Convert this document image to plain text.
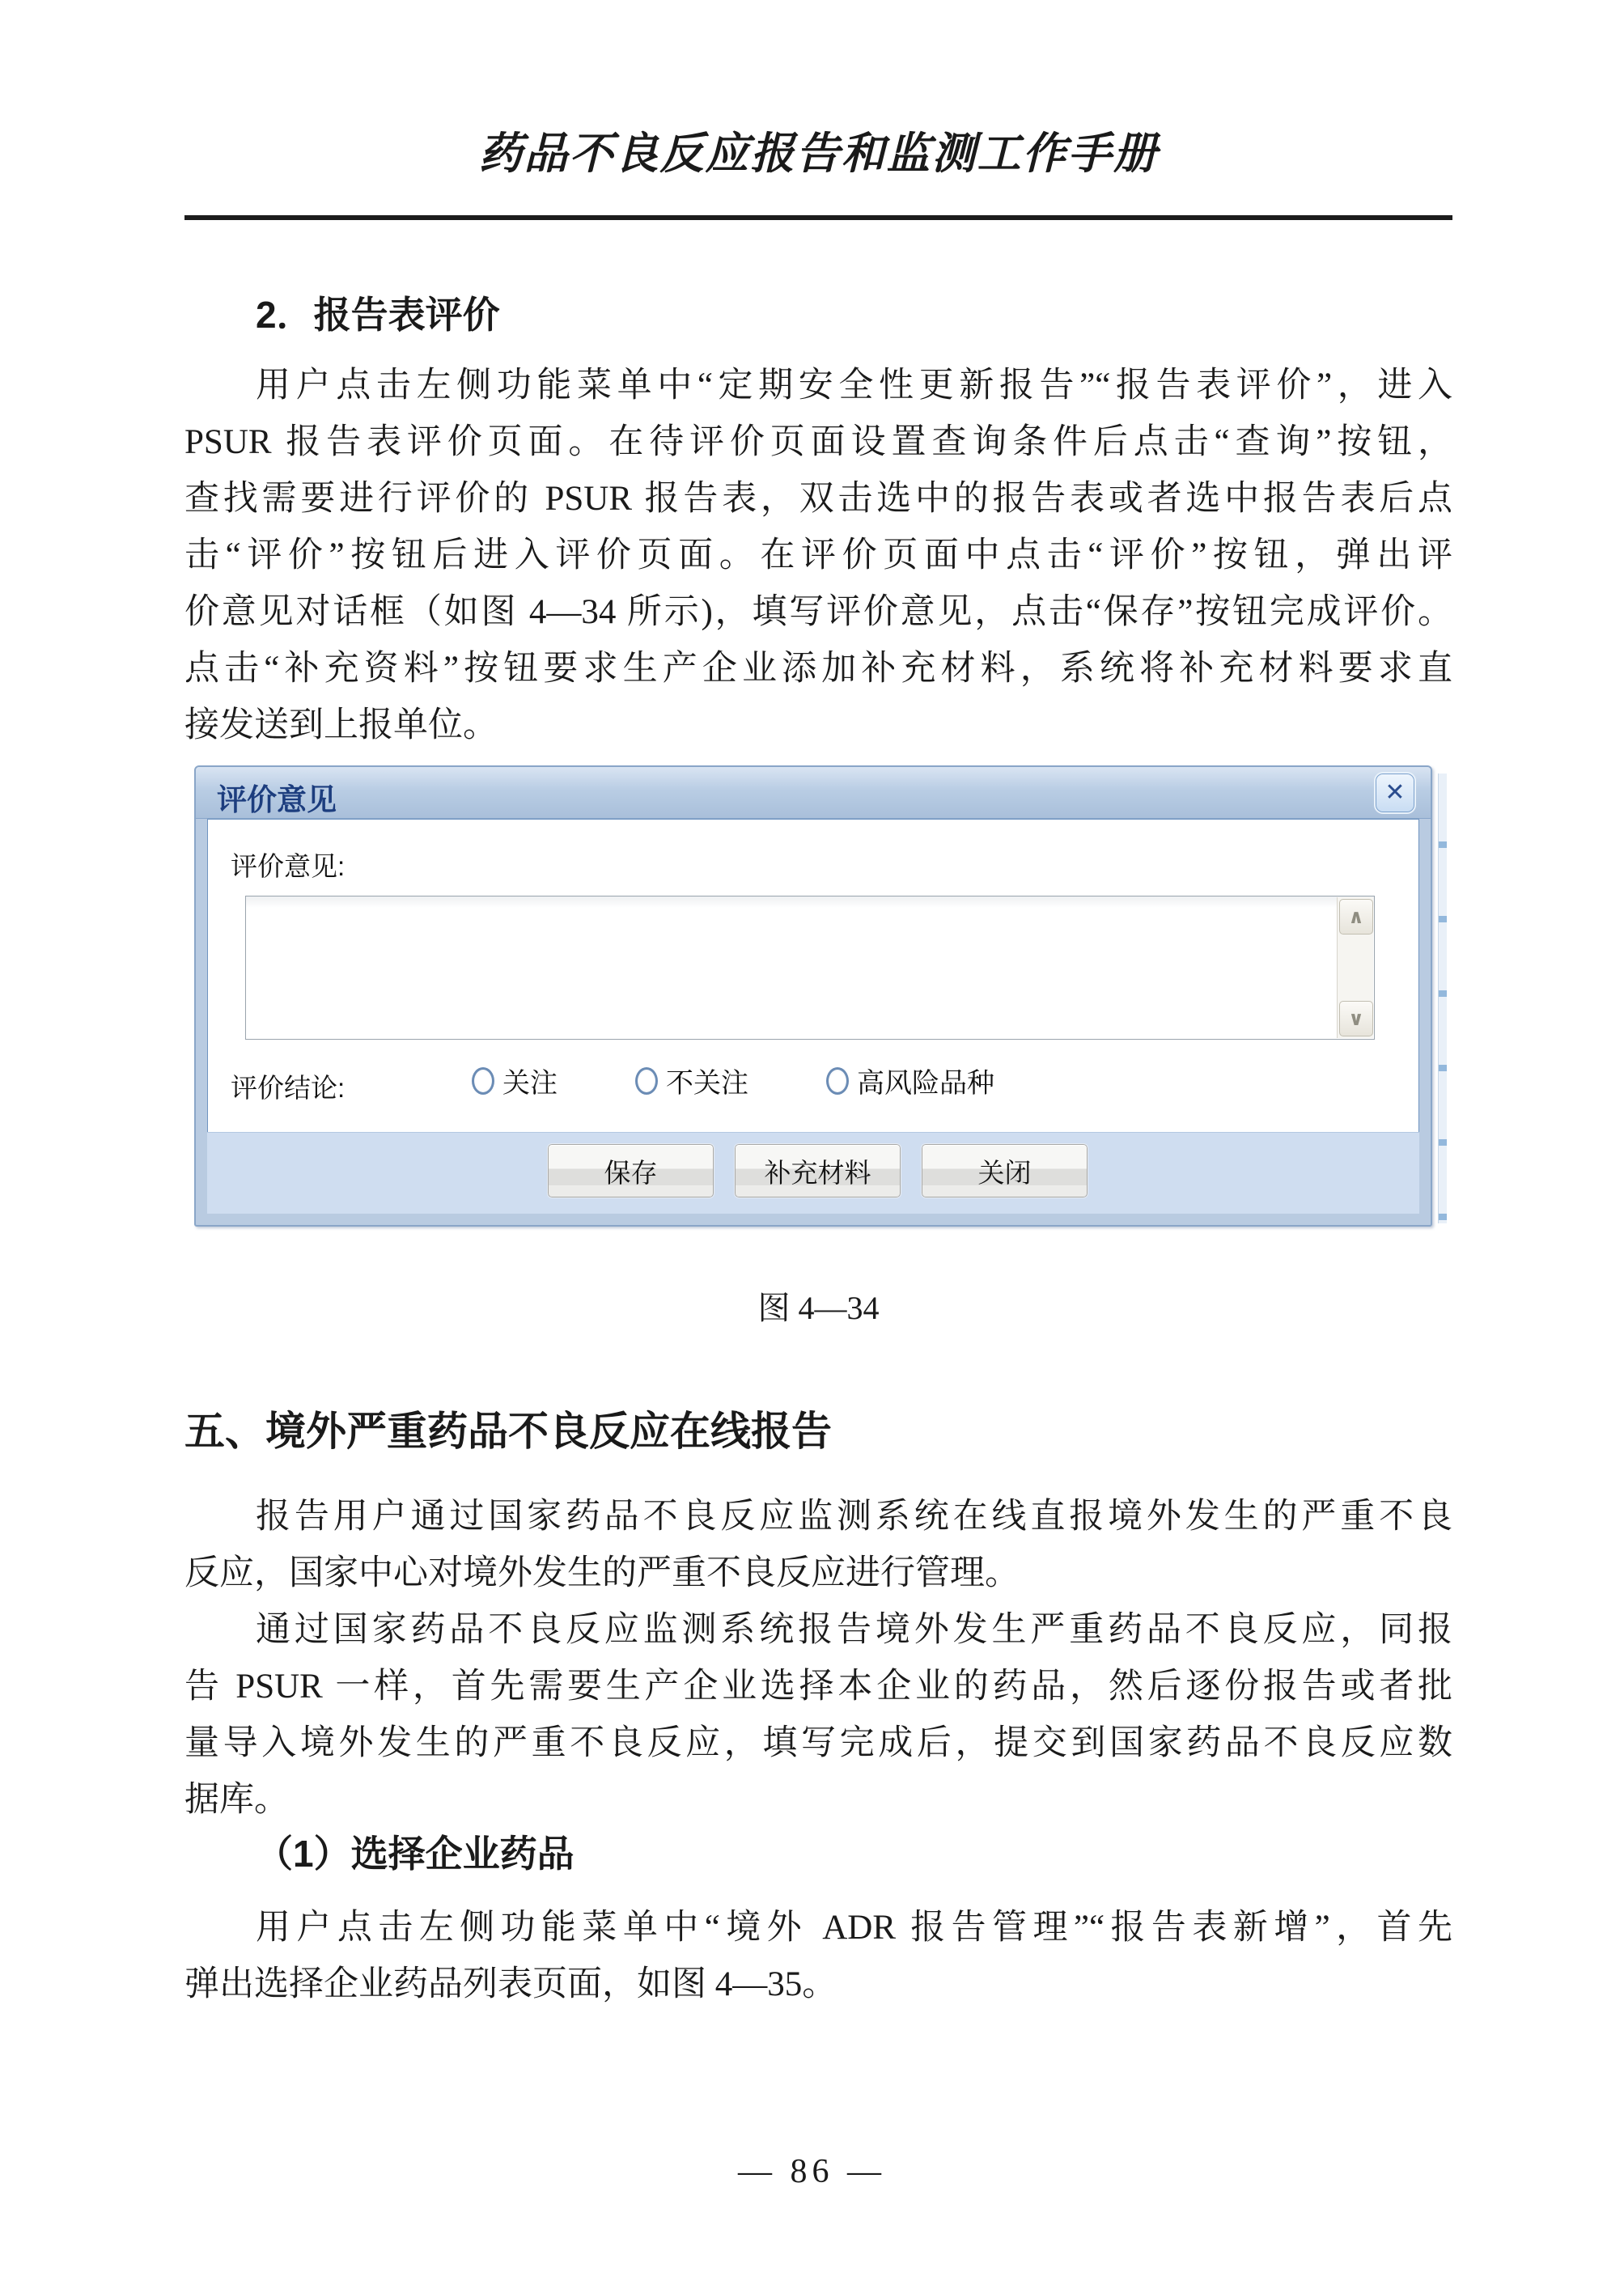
药品不良反应报告和监测工作手册
2．报告表评价
用户点击左侧功能菜单中“定期安全性更新报告”“报告表评价”，进入
PSUR 报告表评价页面。在待评价页面设置查询条件后点击“查询”按钮，
查找需要进行评价的 PSUR 报告表，双击选中的报告表或者选中报告表后点
击“评价”按钮后进入评价页面。在评价页面中点击“评价”按钮，弹出评
价意见对话框（如图 4—34 所示)，填写评价意见，点击“保存”按钮完成评价。
点击“补充资料”按钮要求生产企业添加补充材料，系统将补充材料要求直
接发送到上报单位。
评价意见	✕
评价意见:
∧
∨
评价结论:	关注	不关注	高风险品种
保存	补充材料	关闭
图 4—34
五、境外严重药品不良反应在线报告
报告用户通过国家药品不良反应监测系统在线直报境外发生的严重不良
反应，国家中心对境外发生的严重不良反应进行管理。
通过国家药品不良反应监测系统报告境外发生严重药品不良反应，同报
告 PSUR 一样，首先需要生产企业选择本企业的药品，然后逐份报告或者批
量导入境外发生的严重不良反应，填写完成后，提交到国家药品不良反应数
据库。
（1）选择企业药品
用户点击左侧功能菜单中“境外 ADR 报告管理”“报告表新增”，首先
弹出选择企业药品列表页面，如图 4—35。
— 86 —
